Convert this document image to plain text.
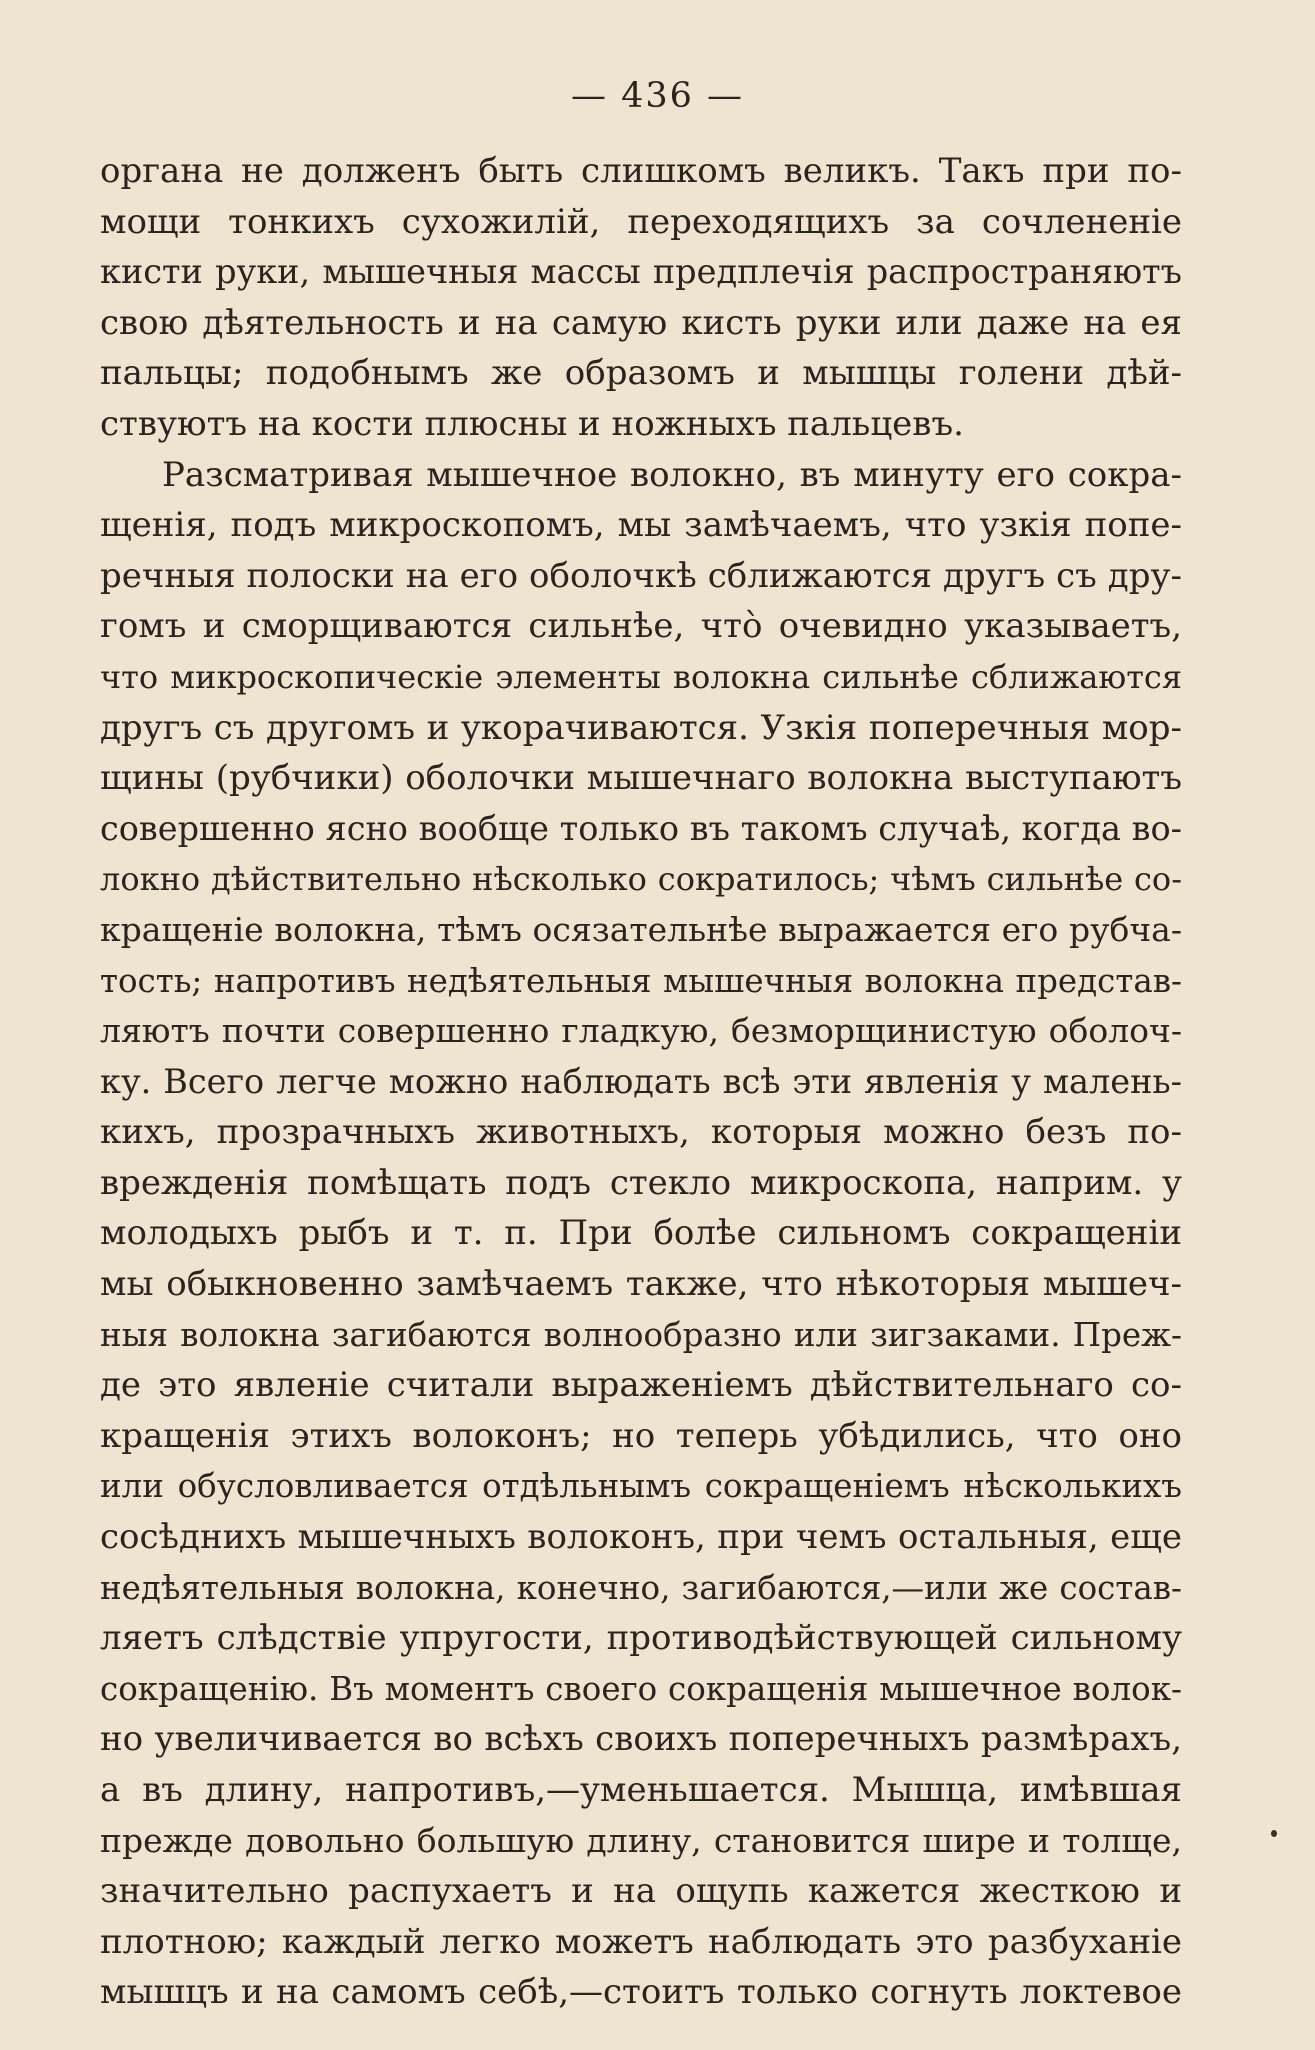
— 436 —
органа не долженъ быть слишкомъ великъ. Такъ при по-
мощи тонкихъ сухожилій, переходящихъ за сочлененіе
кисти руки, мышечныя массы предплечія распространяютъ
свою дѣятельность и на самую кисть руки или даже на ея
пальцы; подобнымъ же образомъ и мышцы голени дѣй-
ствуютъ на кости плюсны и ножныхъ пальцевъ.
Разсматривая мышечное волокно, въ минуту его сокра-
щенія, подъ микроскопомъ, мы замѣчаемъ, что узкія попе-
речныя полоски на его оболочкѣ сближаются другъ съ дру-
гомъ и сморщиваются сильнѣе, что̀ очевидно указываетъ,
что микроскопическіе элементы волокна сильнѣе сближаются
другъ съ другомъ и укорачиваются. Узкія поперечныя мор-
щины (рубчики) оболочки мышечнаго волокна выступаютъ
совершенно ясно вообще только въ такомъ случаѣ, когда во-
локно дѣйствительно нѣсколько сократилось; чѣмъ сильнѣе со-
кращеніе волокна, тѣмъ осязательнѣе выражается его рубча-
тость; напротивъ недѣятельныя мышечныя волокна представ-
ляютъ почти совершенно гладкую, безморщинистую оболоч-
ку. Всего легче можно наблюдать всѣ эти явленія у малень-
кихъ, прозрачныхъ животныхъ, которыя можно безъ по-
врежденія помѣщать подъ стекло микроскопа, наприм. у
молодыхъ рыбъ и т. п. При болѣе сильномъ сокращеніи
мы обыкновенно замѣчаемъ также, что нѣкоторыя мышеч-
ныя волокна загибаются волнообразно или зигзаками. Преж-
де это явленіе считали выраженіемъ дѣйствительнаго со-
кращенія этихъ волоконъ; но теперь убѣдились, что оно
или обусловливается отдѣльнымъ сокращеніемъ нѣсколькихъ
сосѣднихъ мышечныхъ волоконъ, при чемъ остальныя, еще
недѣятельныя волокна, конечно, загибаются,—или же состав-
ляетъ слѣдствіе упругости, противодѣйствующей сильному
сокращенію. Въ моментъ своего сокращенія мышечное волок-
но увеличивается во всѣхъ своихъ поперечныхъ размѣрахъ,
а въ длину, напротивъ,—уменьшается. Мышца, имѣвшая
прежде довольно большую длину, становится шире и толще,
значительно распухаетъ и на ощупь кажется жесткою и
плотною; каждый легко можетъ наблюдать это разбуханіе
мышцъ и на самомъ себѣ,—стоитъ только согнуть локтевое
